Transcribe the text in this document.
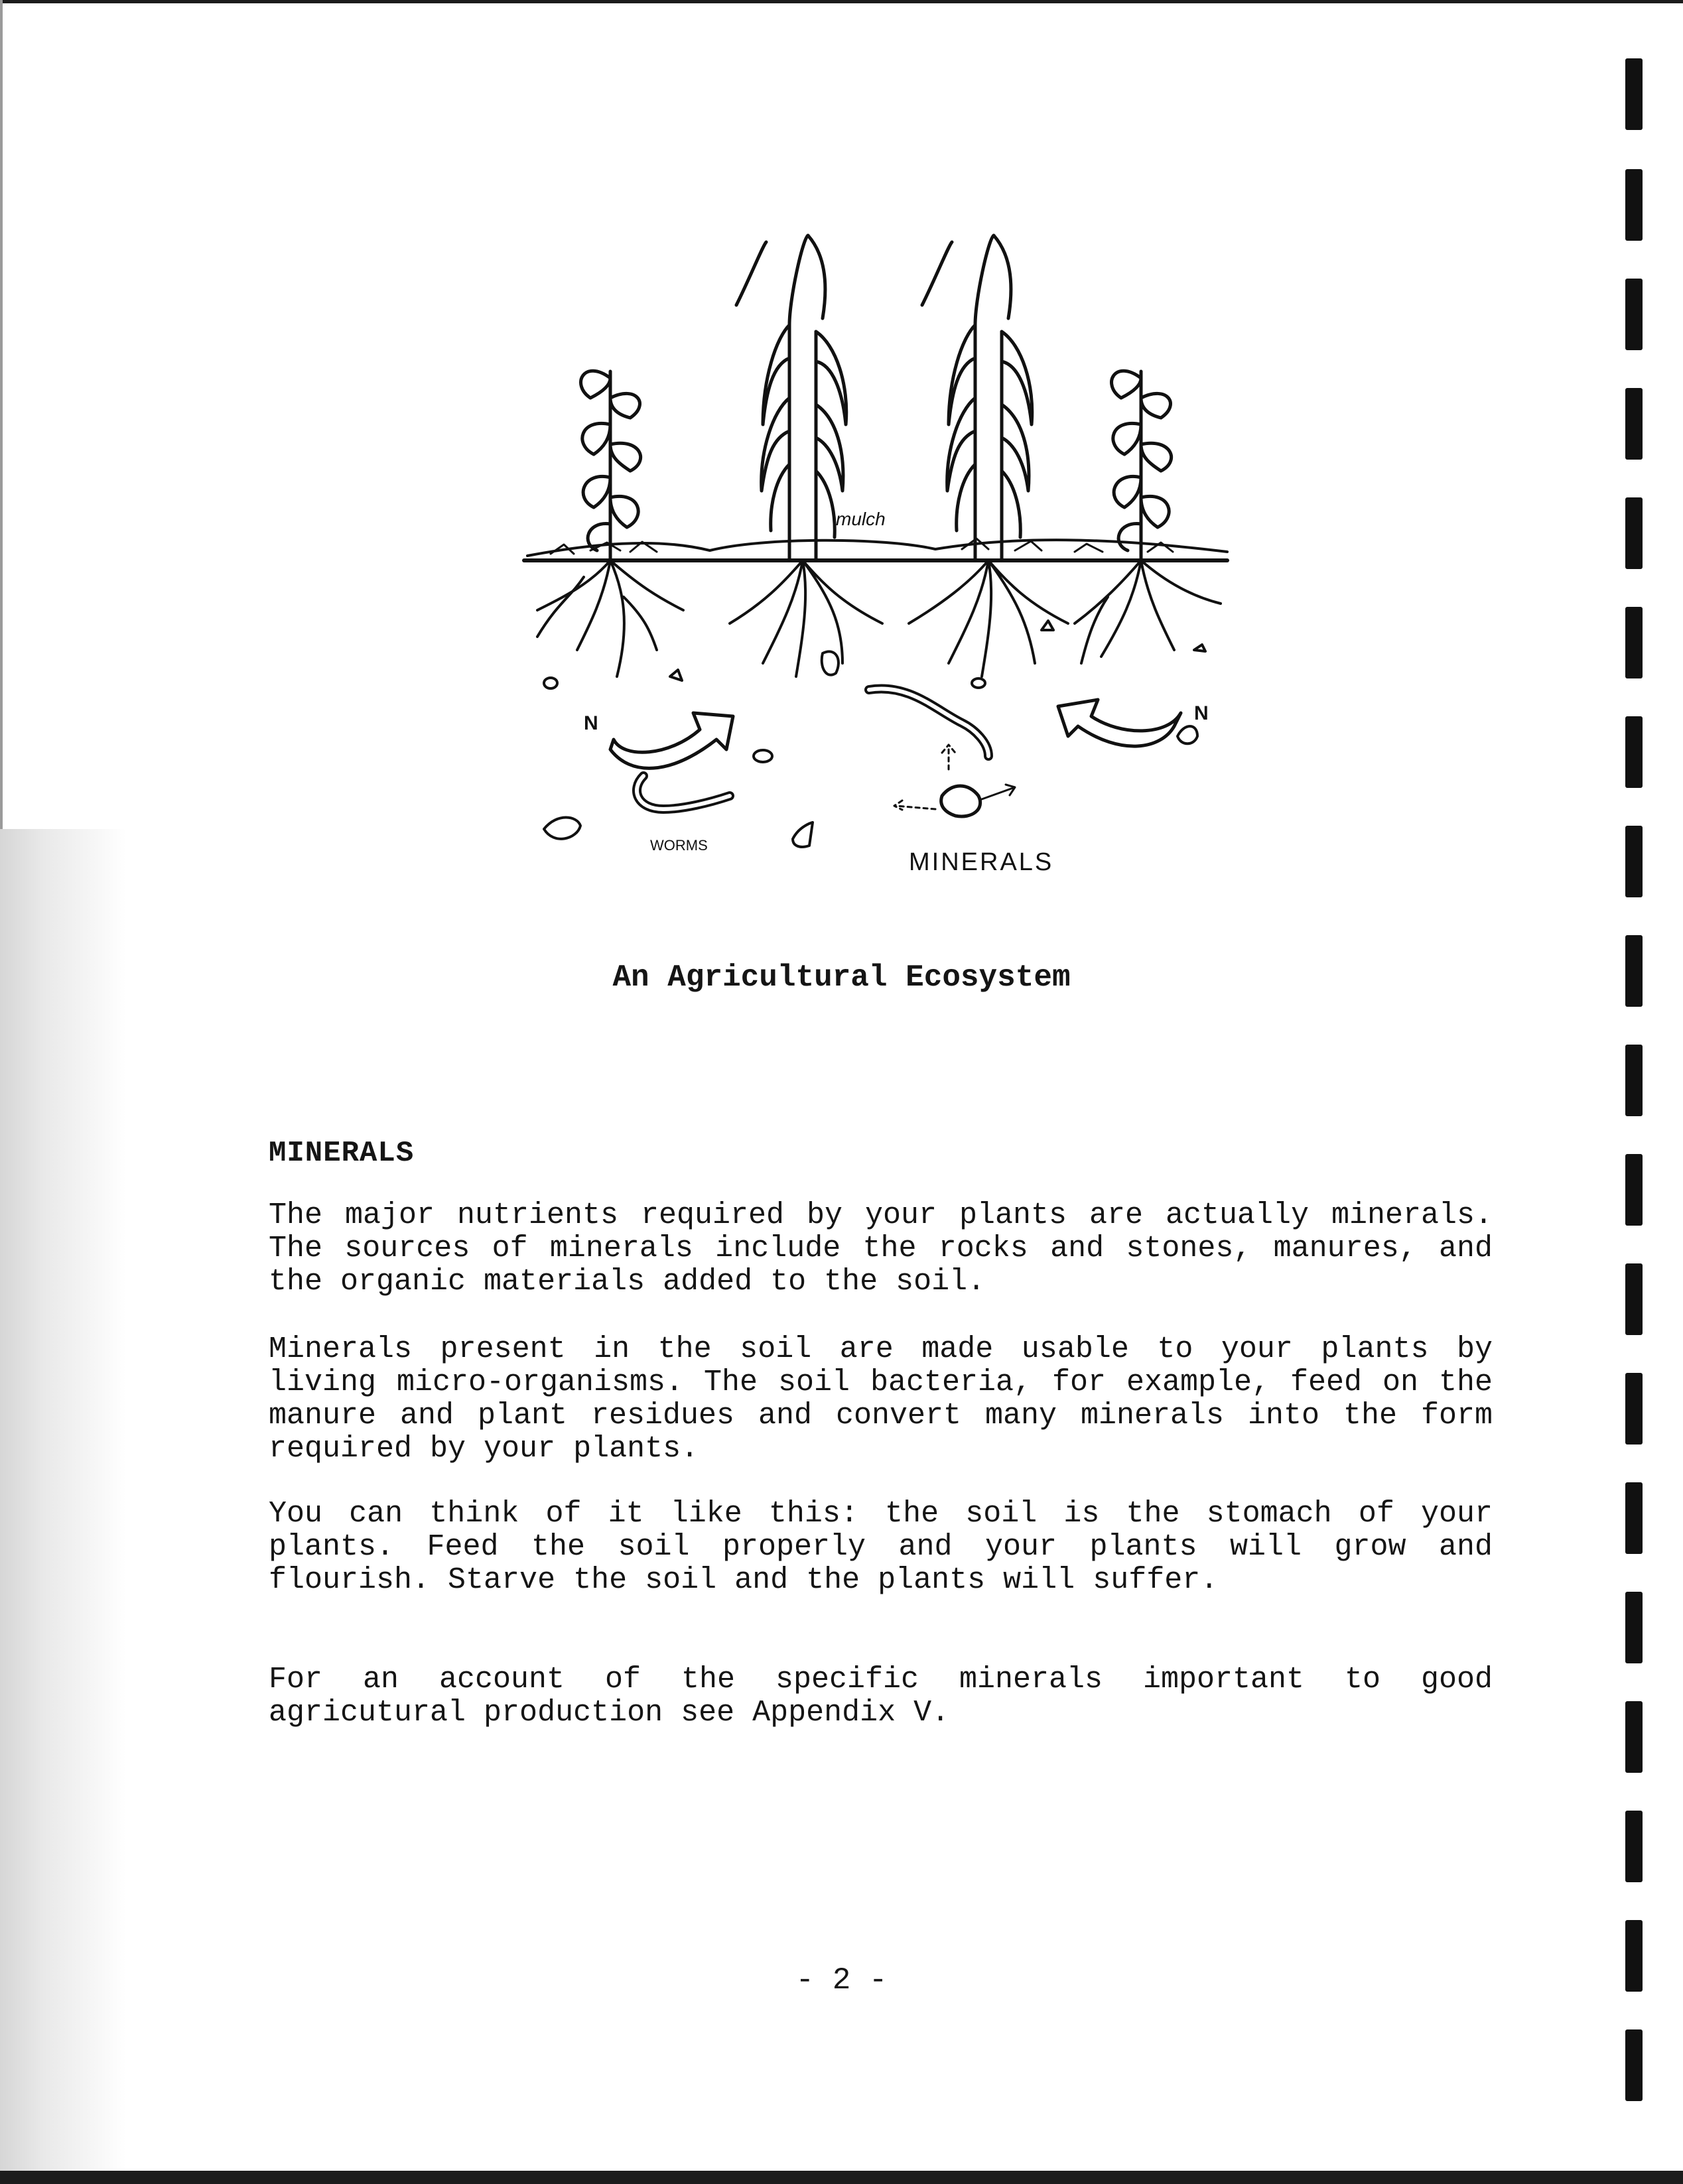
mulch
N	N
WORMS
MINERALS
An Agricultural Ecosystem
MINERALS

The major nutrients required by your plants are actually minerals. The sources of minerals include the rocks and stones, manures, and the organic materials added to the soil.

Minerals present in the soil are made usable to your plants by living micro-organisms. The soil bacteria, for example, feed on the manure and plant residues and convert many minerals into the form required by your plants.

You can think of it like this: the soil is the stomach of your plants. Feed the soil properly and your plants will grow and flourish. Starve the soil and the plants will suffer.

For an account of the specific minerals important to good agricutural production see Appendix V.

- 2 -
